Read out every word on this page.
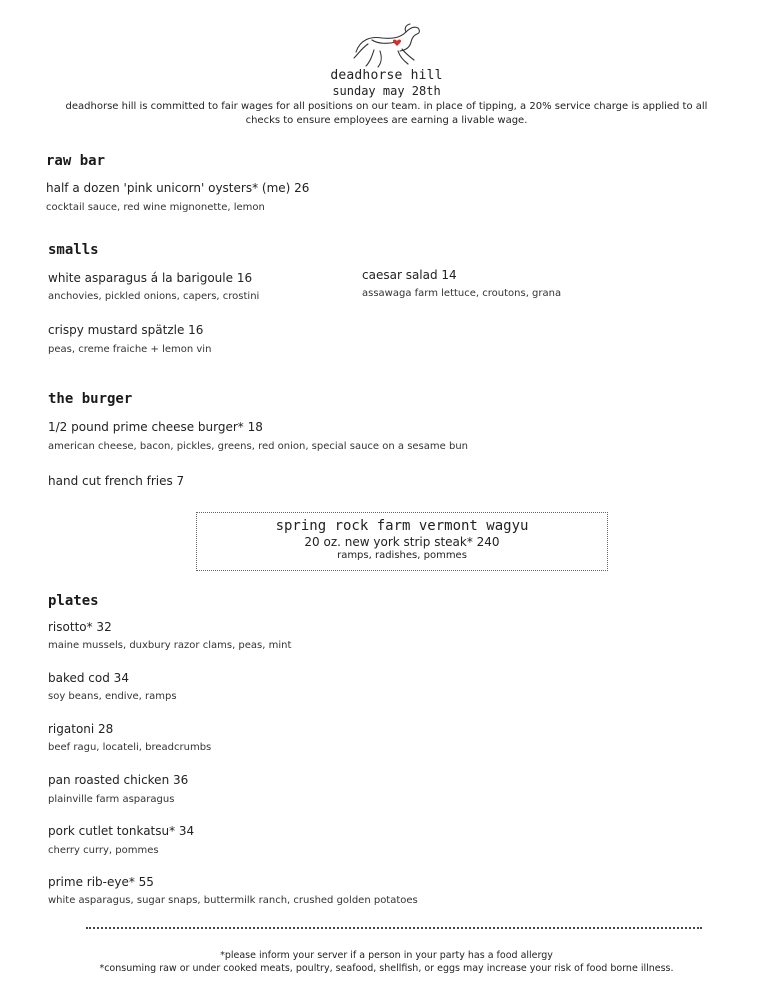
deadhorse hill
sunday may 28th
deadhorse hill is committed to fair wages for all positions on our team. in place of tipping, a 20% service charge is applied to all checks to ensure employees are earning a livable wage.
raw bar
half a dozen 'pink unicorn' oysters* (me) 26
cocktail sauce, red wine mignonette, lemon
smalls
white asparagus á la barigoule 16
anchovies, pickled onions, capers, crostini
caesar salad 14
assawaga farm lettuce, croutons, grana
crispy mustard spätzle 16
peas, creme fraiche + lemon vin
the burger
1/2 pound prime cheese burger* 18
american cheese, bacon, pickles, greens, red onion, special sauce on a sesame bun
hand cut french fries 7
spring rock farm vermont wagyu
20 oz. new york strip steak* 240
ramps, radishes, pommes
plates
risotto* 32
maine mussels, duxbury razor clams, peas, mint
baked cod 34
soy beans, endive, ramps
rigatoni 28
beef ragu, locateli, breadcrumbs
pan roasted chicken 36
plainville farm asparagus
pork cutlet tonkatsu* 34
cherry curry, pommes
prime rib-eye* 55
white asparagus, sugar snaps, buttermilk ranch, crushed golden potatoes
*please inform your server if a person in your party has a food allergy
*consuming raw or under cooked meats, poultry, seafood, shellfish, or eggs may increase your risk of food borne illness.
